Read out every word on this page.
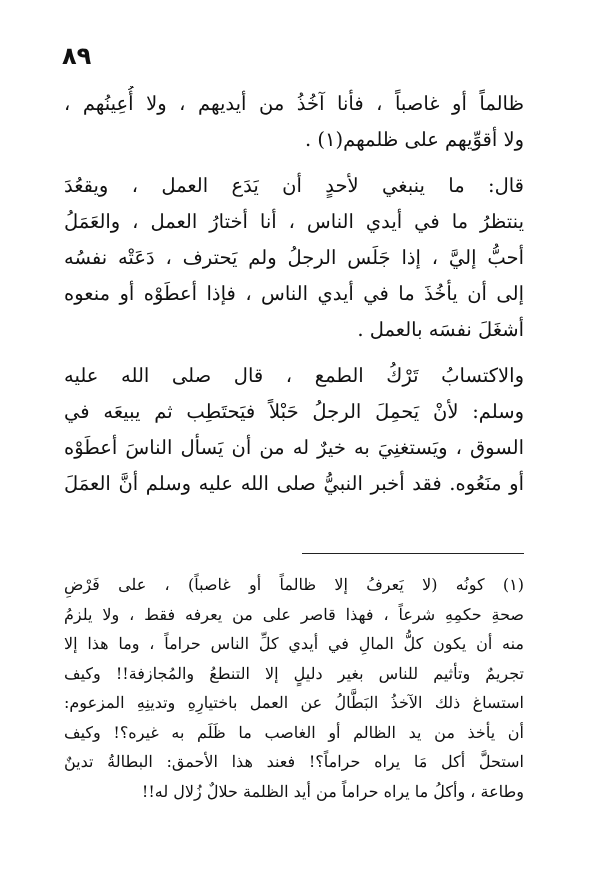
٨٩
ظالماً أو غاصباً ، فأنا آخُذُ من أيديهم ، ولا أُعِينُهم ،
ولا أقوِّيهم على ظلمهم(١) .
قال: ما ينبغي لأحدٍ أن يَدَع العمل ، ويقعُدَ
ينتظرُ ما في أيدي الناس ، أنا أختارُ العمل ، والعَمَلُ
أحبُّ إليَّ ، إذا جَلَس الرجلُ ولم يَحترف ، دَعَتْه نفسُه
إلى أن يأخُذَ ما في أيدي الناس ، فإذا أعطَوْه أو منعوه
أشغَلَ نفسَه بالعمل .
والاكتسابُ تَرْكُ الطمع ، قال صلى الله عليه
وسلم: لأنْ يَحمِلَ الرجلُ حَبْلاً فيَحتَطِب ثم يبيعَه في
السوق ، ويَستغنِيَ به خيرٌ له من أن يَسأل الناسَ أعطَوْه
أو منَعُوه. فقد أخبر النبيُّ صلى الله عليه وسلم أنَّ العمَلَ
(١) كونُه (لا يَعرفُ إلا ظالماً أو غاصباً) ، على فَرْضِ
صحةِ حكمِهِ شرعاً ، فهذا قاصر على من يعرفه فقط ، ولا يلزمُ
منه أن يكون كلُّ المالِ في أيدي كلِّ الناس حراماً ، وما هذا إلا
تجريمٌ وتأثيم للناس بغير دليلٍ إلا التنطعُ والمُجازفة!! وكيف
استساغ ذلك الآخذُ البَطَّالُ عن العمل باختيارِهِ وتدينِهِ المزعوم:
أن يأخذ من يد الظالم أو الغاصب ما ظَلَم به غيره؟! وكيف
استحلَّ أكل مَا يراه حراماً؟! فعند هذا الأحمق: البطالةُ تدينٌ
وطاعة ، وأكلُ ما يراه حراماً من أيد الظلمة حلالٌ زُلال له!!
